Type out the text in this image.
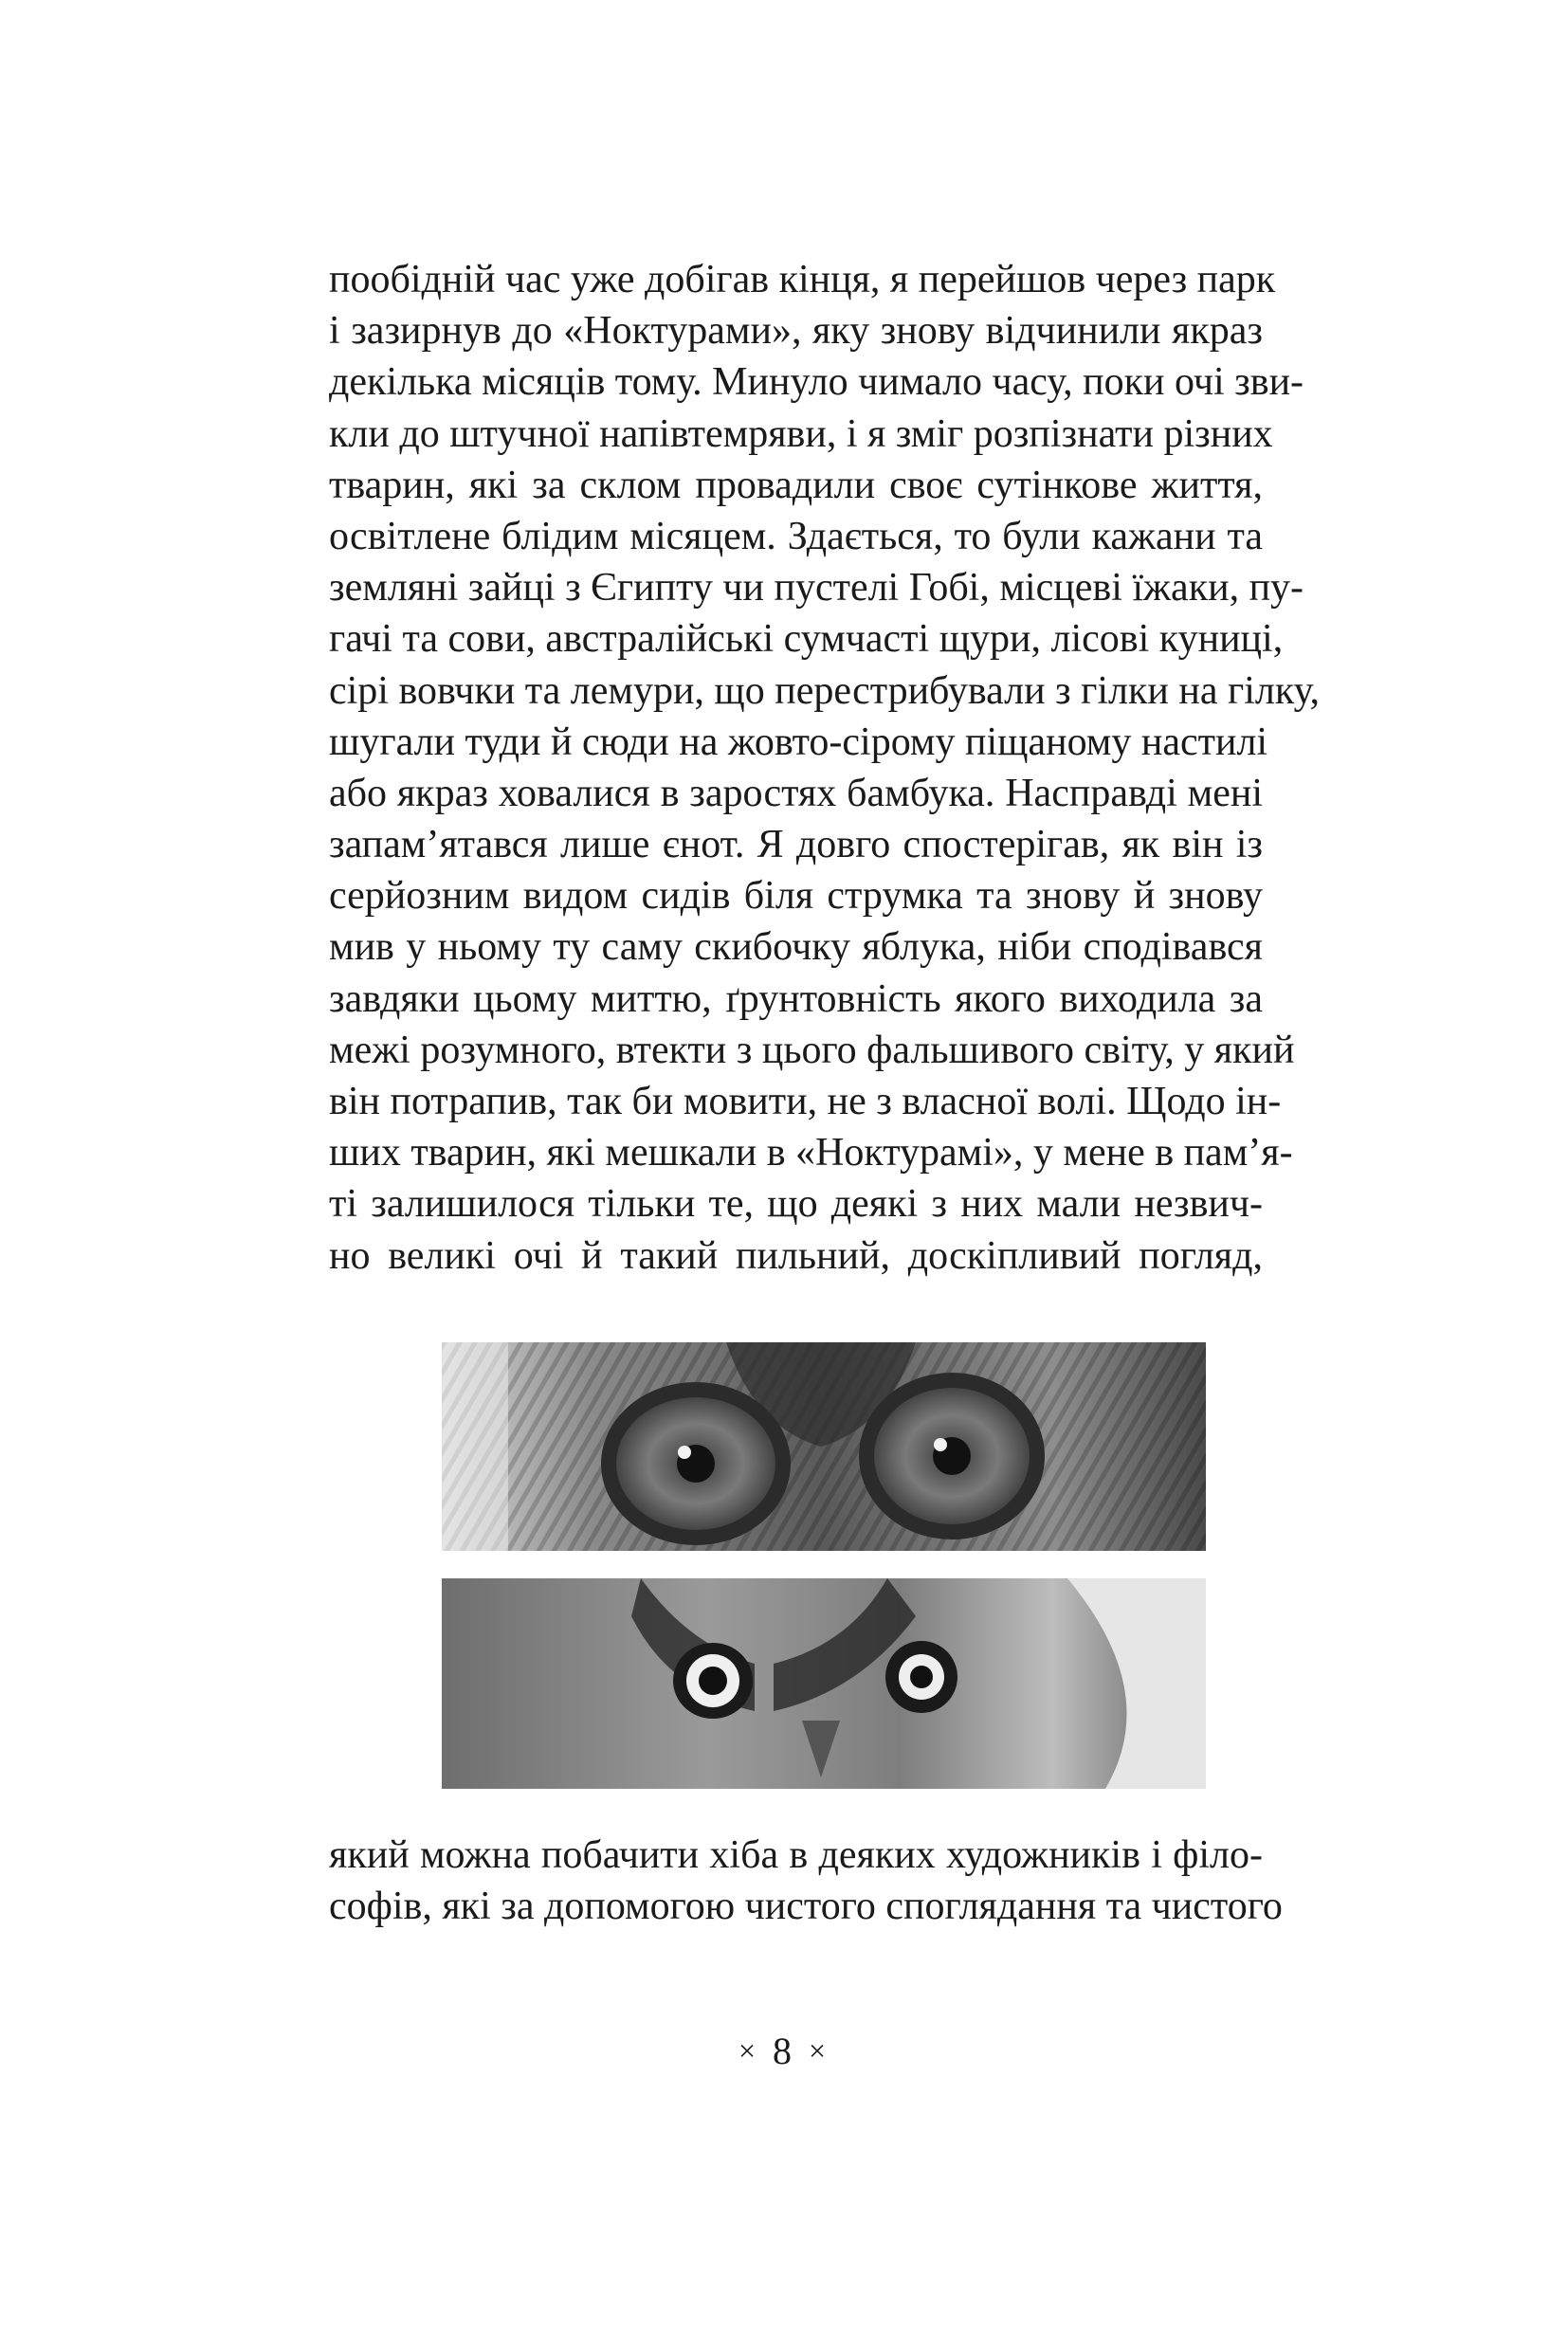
пообідній час уже добігав кінця, я перейшов через парк
і зазирнув до «Ноктурами», яку знову відчинили якраз
декілька місяців тому. Минуло чимало часу, поки очі зви-
кли до штучної напівтемряви, і я зміг розпізнати різних
тварин, які за склом провадили своє сутінкове життя,
освітлене блідим місяцем. Здається, то були кажани та
земляні зайці з Єгипту чи пустелі Гобі, місцеві їжаки, пу-
гачі та сови, австралійські сумчасті щури, лісові куниці,
сірі вовчки та лемури, що перестрибували з гілки на гілку,
шугали туди й сюди на жовто-сірому піщаному настилі
або якраз ховалися в заростях бамбука. Насправді мені
запам’ятався лише єнот. Я довго спостерігав, як він із
серйозним видом сидів біля струмка та знову й знову
мив у ньому ту саму скибочку яблука, ніби сподівався
завдяки цьому миттю, ґрунтовність якого виходила за
межі розумного, втекти з цього фальшивого світу, у який
він потрапив, так би мовити, не з власної волі. Щодо ін-
ших тварин, які мешкали в «Ноктурамі», у мене в пам’я-
ті залишилося тільки те, що деякі з них мали незвич-
но великі очі й такий пильний, доскіпливий погляд,
який можна побачити хіба в деяких художників і філо-
софів, які за допомогою чистого споглядання та чистого
× 8 ×
